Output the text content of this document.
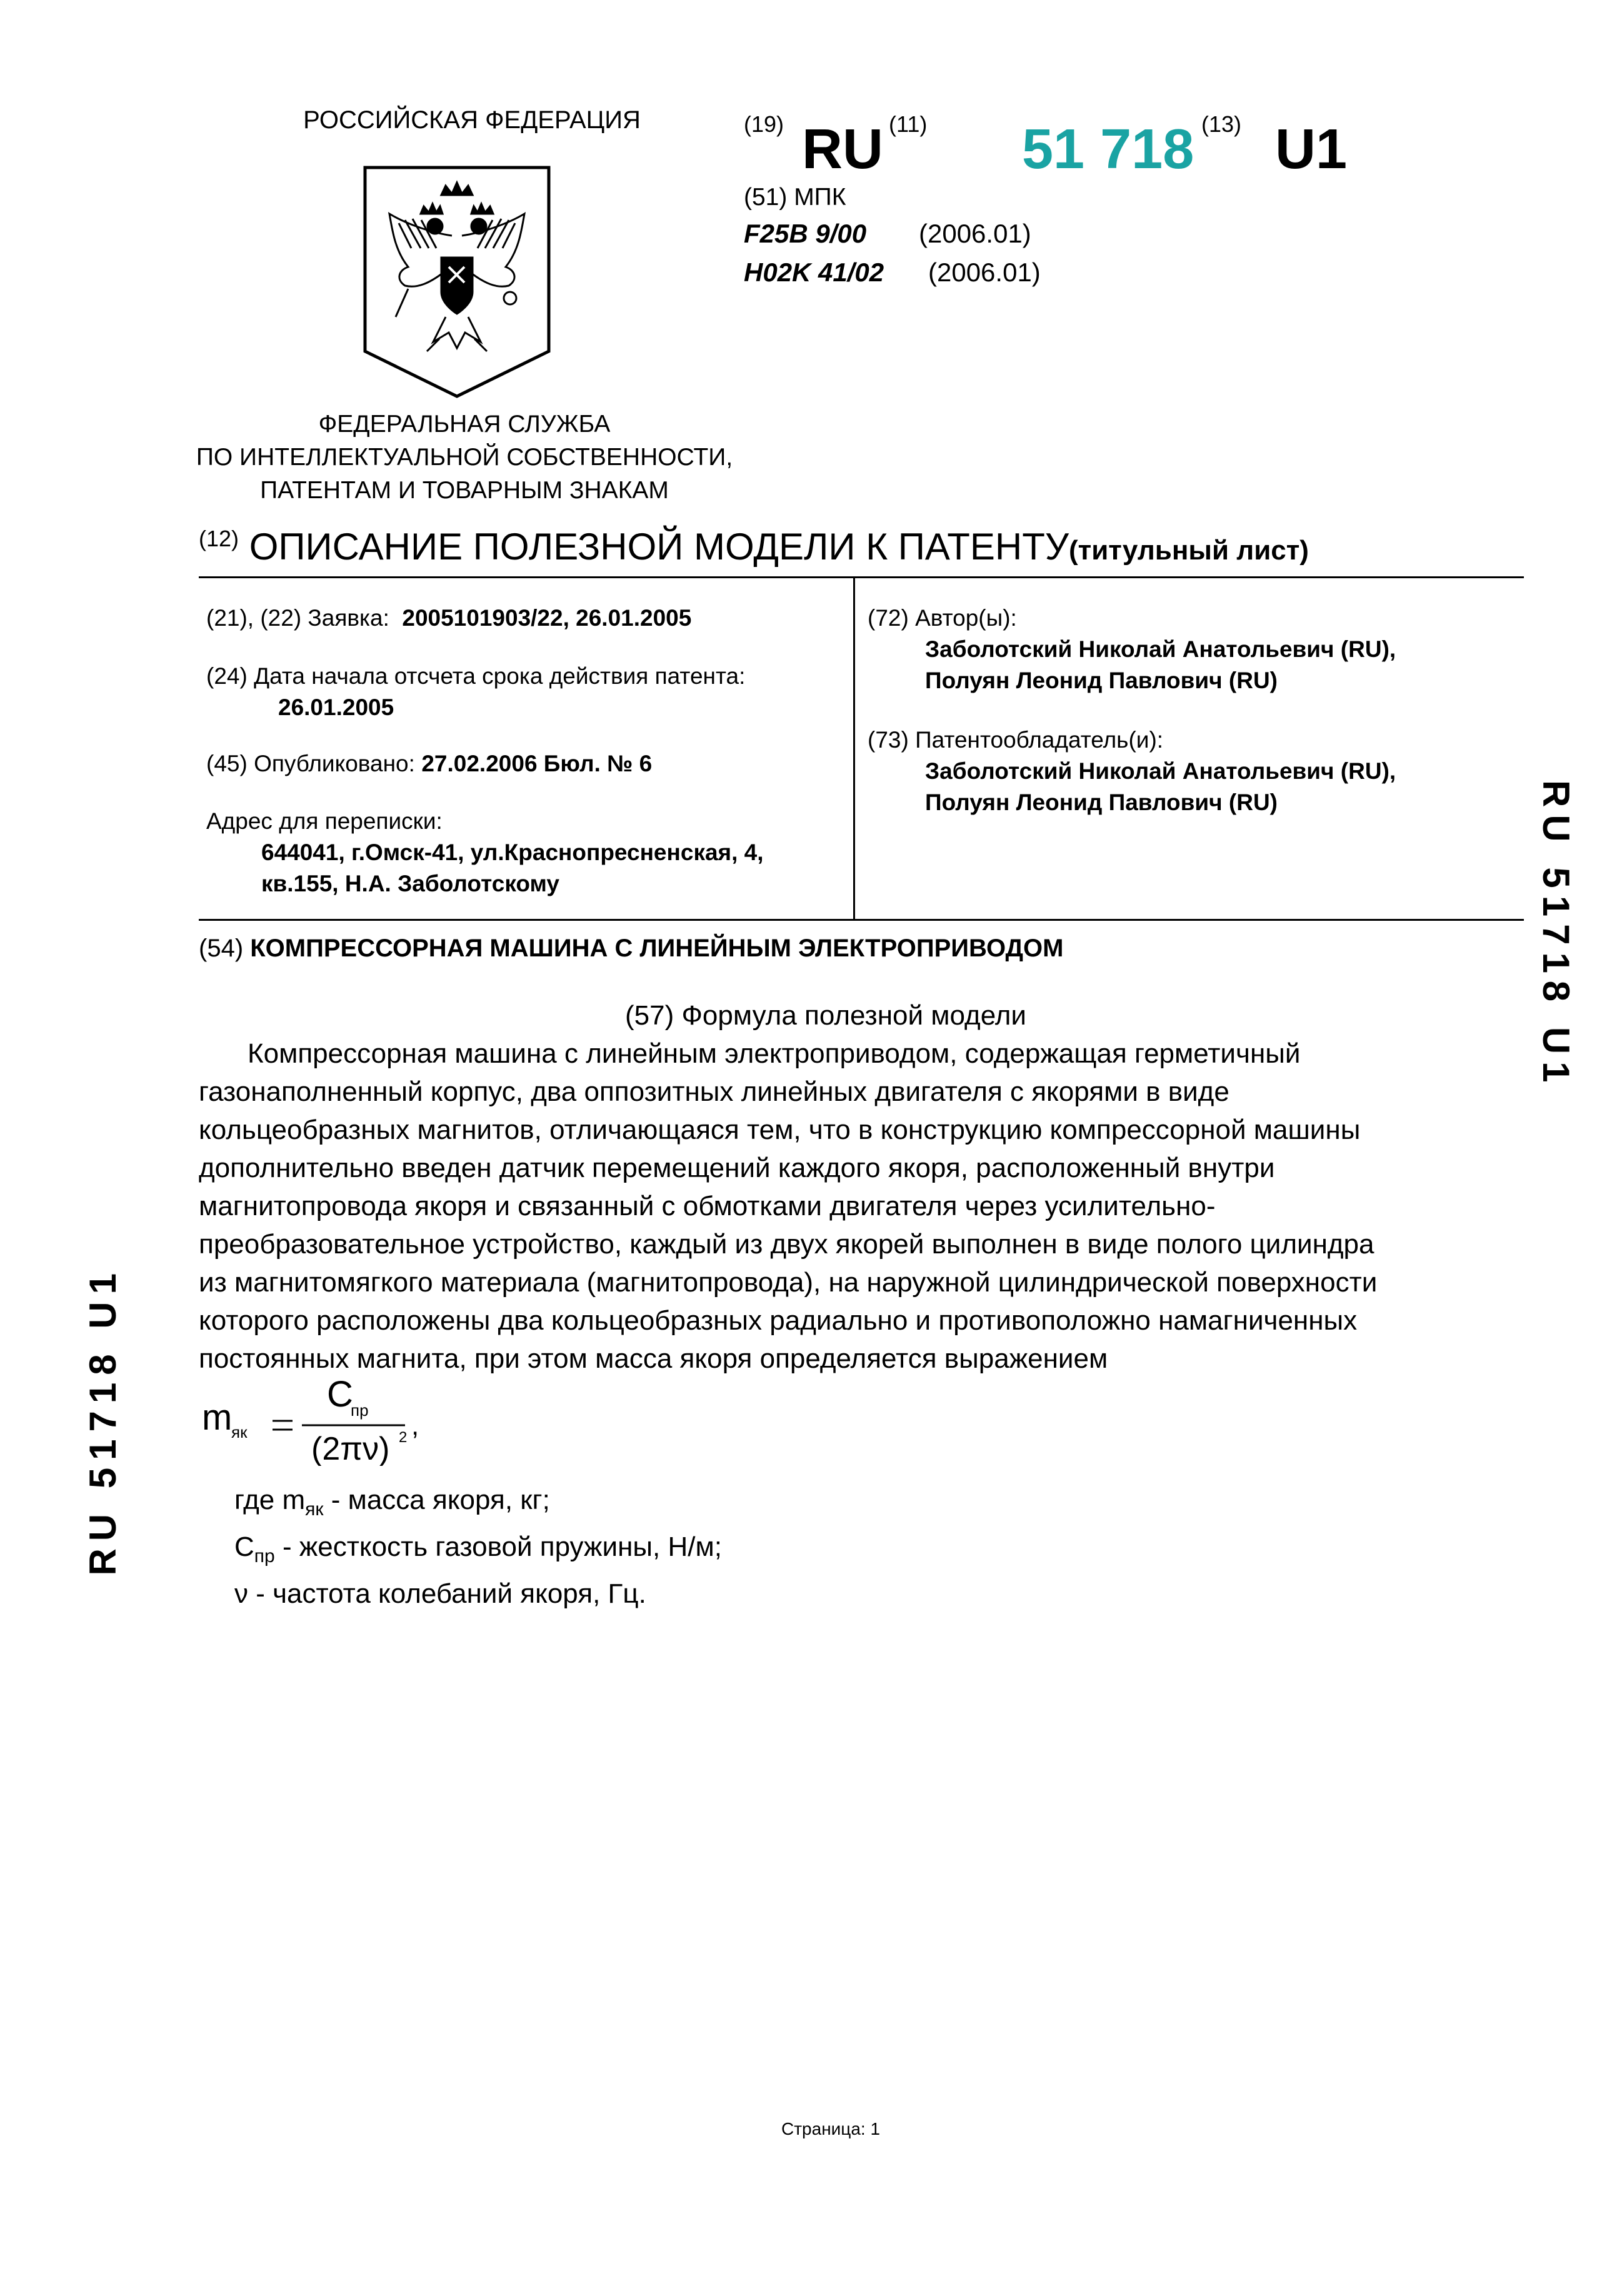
РОССИЙСКАЯ ФЕДЕРАЦИЯ
ФЕДЕРАЛЬНАЯ СЛУЖБА
ПО ИНТЕЛЛЕКТУАЛЬНОЙ СОБСТВЕННОСТИ,
ПАТЕНТАМ И ТОВАРНЫМ ЗНАКАМ
(19) RU (11) 51 718 (13) U1
(51) МПК
F25B 9/00 (2006.01)
H02K 41/02 (2006.01)
$^{(12)}$ ОПИСАНИЕ ПОЛЕЗНОЙ МОДЕЛИ К ПАТЕНТУ(титульный лист)
(21), (22) Заявка: 2005101903/22, 26.01.2005
(24) Дата начала отсчета срока действия патента:
26.01.2005
(45) Опубликовано: 27.02.2006 Бюл. № 6
Адрес для переписки:
644041, г.Омск-41, ул.Краснопресненская, 4,
кв.155, Н.А. Заболотскому
(72) Автор(ы):
Заболотский Николай Анатольевич (RU),
Полуян Леонид Павлович (RU)
(73) Патентообладатель(и):
Заболотский Николай Анатольевич (RU),
Полуян Леонид Павлович (RU)
(54) КОМПРЕССОРНАЯ МАШИНА С ЛИНЕЙНЫМ ЭЛЕКТРОПРИВОДОМ
(57) Формула полезной модели
Компрессорная машина с линейным электроприводом, содержащая герметичный
газонаполненный корпус, два оппозитных линейных двигателя с якорями в виде
кольцеобразных магнитов, отличающаяся тем, что в конструкцию компрессорной машины
дополнительно введен датчик перемещений каждого якоря, расположенный внутри
магнитопровода якоря и связанный с обмотками двигателя через усилительно-
преобразовательное устройство, каждый из двух якорей выполнен в виде полого цилиндра
из магнитомягкого материала (магнитопровода), на наружной цилиндрической поверхности
которого расположены два кольцеобразных радиально и противоположно намагниченных
постоянных магнита, при этом масса якоря определяется выражением
m
як
C
пр
(2πν) 2 ,
где $m_{як}$ - масса якоря, кг;
$C_{пр}$ - жесткость газовой пружины, Н/м;
ν - частота колебаний якоря, Гц.
RU 51718 U1
RU 51718 U1
Страница: 1
